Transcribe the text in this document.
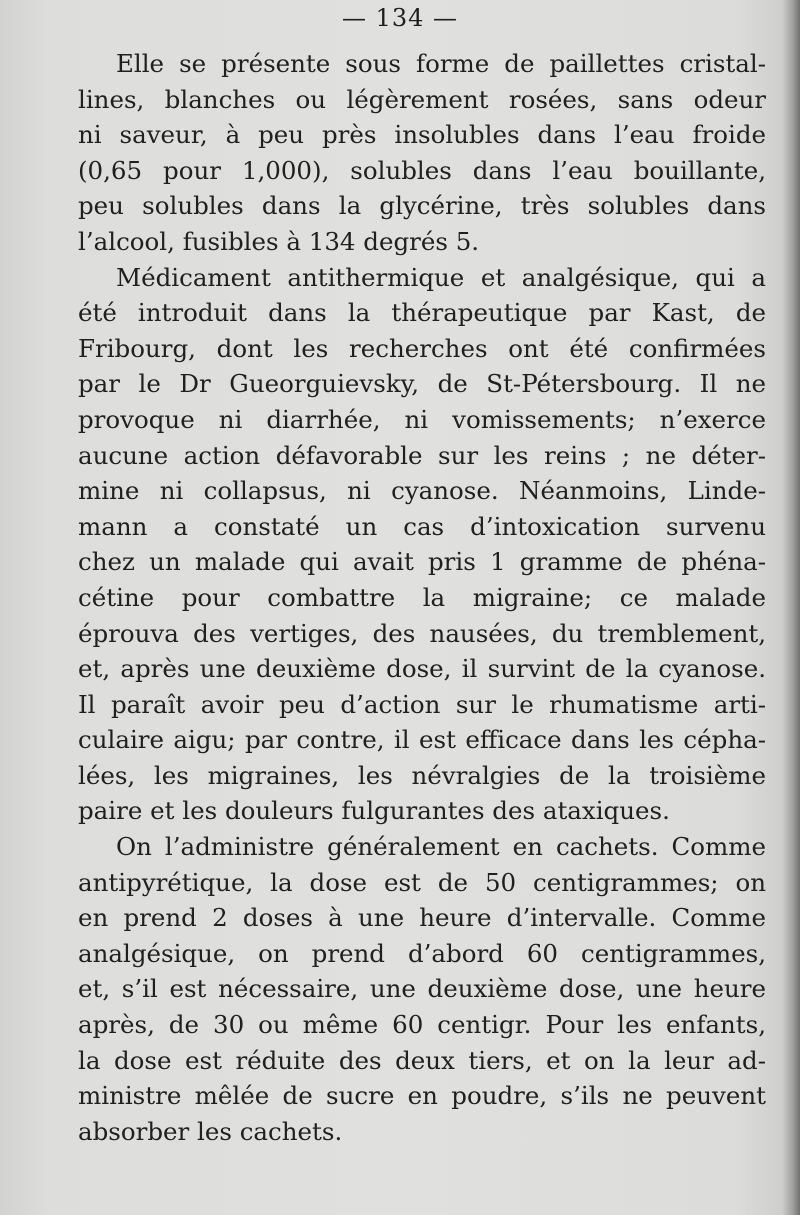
— 134 —
Elle se présente sous forme de paillettes cristal-
lines, blanches ou légèrement rosées, sans odeur
ni saveur, à peu près insolubles dans l’eau froide
(0,65 pour 1,000), solubles dans l’eau bouillante,
peu solubles dans la glycérine, très solubles dans
l’alcool, fusibles à 134 degrés 5.
Médicament antithermique et analgésique, qui a
été introduit dans la thérapeutique par Kast, de
Fribourg, dont les recherches ont été confirmées
par le Dr Gueorguievsky, de St-Pétersbourg. Il ne
provoque ni diarrhée, ni vomissements; n’exerce
aucune action défavorable sur les reins ; ne déter-
mine ni collapsus, ni cyanose. Néanmoins, Linde-
mann a constaté un cas d’intoxication survenu
chez un malade qui avait pris 1 gramme de phéna-
cétine pour combattre la migraine; ce malade
éprouva des vertiges, des nausées, du tremblement,
et, après une deuxième dose, il survint de la cyanose.
Il paraît avoir peu d’action sur le rhumatisme arti-
culaire aigu; par contre, il est efficace dans les cépha-
lées, les migraines, les névralgies de la troisième
paire et les douleurs fulgurantes des ataxiques.
On l’administre généralement en cachets. Comme
antipyrétique, la dose est de 50 centigrammes; on
en prend 2 doses à une heure d’intervalle. Comme
analgésique, on prend d’abord 60 centigrammes,
et, s’il est nécessaire, une deuxième dose, une heure
après, de 30 ou même 60 centigr. Pour les enfants,
la dose est réduite des deux tiers, et on la leur ad-
ministre mêlée de sucre en poudre, s’ils ne peuvent
absorber les cachets.
